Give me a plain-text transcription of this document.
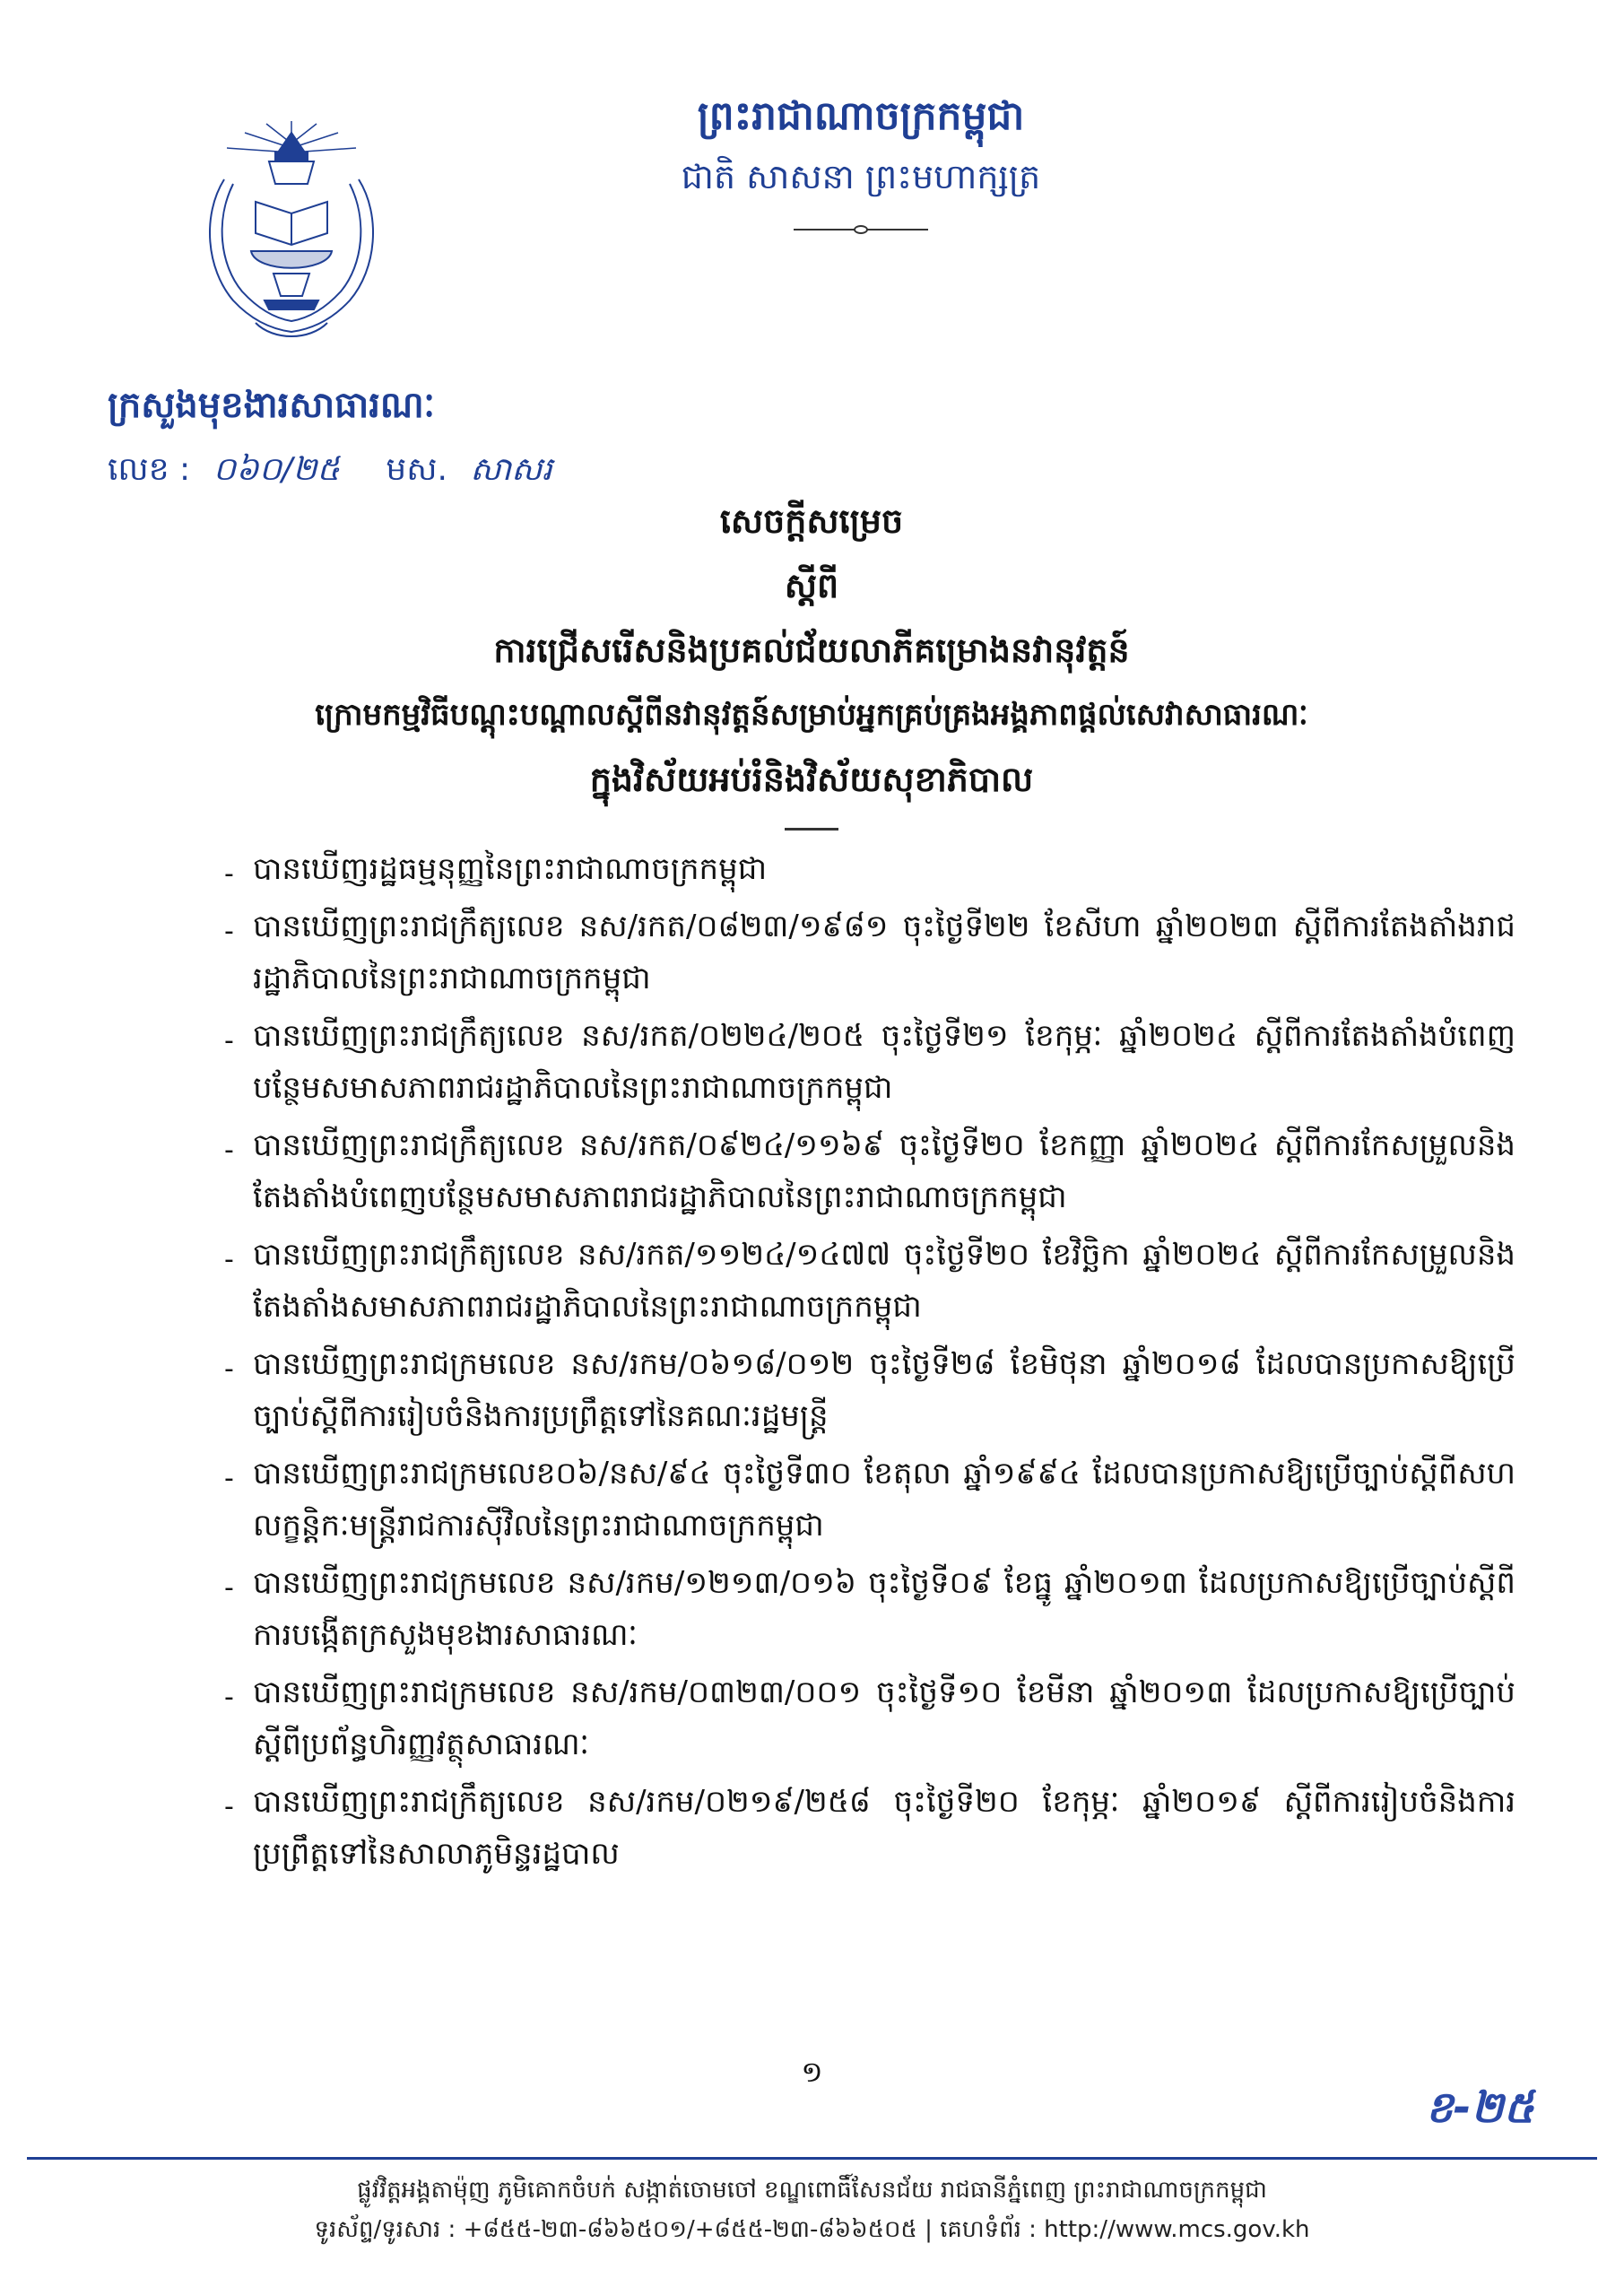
ព្រះរាជាណាចក្រកម្ពុជា
ជាតិ សាសនា ព្រះមហាក្សត្រ
ក្រសួងមុខងារសាធារណៈ
លេខ : ០៦០/២៥ មស. សាសរ
សេចក្តីសម្រេច
ស្តីពី
ការជ្រើសរើសនិងប្រគល់ជ័យលាភីគម្រោងនវានុវត្តន៍
ក្រោមកម្មវិធីបណ្តុះបណ្តាលស្តីពីនវានុវត្តន៍សម្រាប់អ្នកគ្រប់គ្រងអង្គភាពផ្តល់សេវាសាធារណៈ
ក្នុងវិស័យអប់រំនិងវិស័យសុខាភិបាល
- បានឃើញរដ្ឋធម្មនុញ្ញនៃព្រះរាជាណាចក្រកម្ពុជា
- បានឃើញព្រះរាជក្រឹត្យលេខ នស/រកត/០៨២៣/១៩៨១ ចុះថ្ងៃទី២២ ខែសីហា ឆ្នាំ២០២៣ ស្តីពីការតែងតាំងរាជរដ្ឋាភិបាលនៃព្រះរាជាណាចក្រកម្ពុជា
- បានឃើញព្រះរាជក្រឹត្យលេខ នស/រកត/០២២៤/២០៥ ចុះថ្ងៃទី២១ ខែកុម្ភៈ ឆ្នាំ២០២៤ ស្តីពីការតែងតាំងបំពេញបន្ថែមសមាសភាពរាជរដ្ឋាភិបាលនៃព្រះរាជាណាចក្រកម្ពុជា
- បានឃើញព្រះរាជក្រឹត្យលេខ នស/រកត/០៩២៤/១១៦៩ ចុះថ្ងៃទី២០ ខែកញ្ញា ឆ្នាំ២០២៤ ស្តីពីការកែសម្រួលនិងតែងតាំងបំពេញបន្ថែមសមាសភាពរាជរដ្ឋាភិបាលនៃព្រះរាជាណាចក្រកម្ពុជា
- បានឃើញព្រះរាជក្រឹត្យលេខ នស/រកត/១១២៤/១៤៧៧ ចុះថ្ងៃទី២០ ខែវិច្ឆិកា ឆ្នាំ២០២៤ ស្តីពីការកែសម្រួលនិងតែងតាំងសមាសភាពរាជរដ្ឋាភិបាលនៃព្រះរាជាណាចក្រកម្ពុជា
- បានឃើញព្រះរាជក្រមលេខ នស/រកម/០៦១៨/០១២ ចុះថ្ងៃទី២៨ ខែមិថុនា ឆ្នាំ២០១៨ ដែលបានប្រកាសឱ្យប្រើច្បាប់ស្តីពីការរៀបចំនិងការប្រព្រឹត្តទៅនៃគណៈរដ្ឋមន្ត្រី
- បានឃើញព្រះរាជក្រមលេខ០៦/នស/៩៤ ចុះថ្ងៃទី៣០ ខែតុលា ឆ្នាំ១៩៩៤ ដែលបានប្រកាសឱ្យប្រើច្បាប់ស្តីពីសហលក្ខន្តិកៈមន្ត្រីរាជការស៊ីវិលនៃព្រះរាជាណាចក្រកម្ពុជា
- បានឃើញព្រះរាជក្រមលេខ នស/រកម/១២១៣/០១៦ ចុះថ្ងៃទី០៩ ខែធ្នូ ឆ្នាំ២០១៣ ដែលប្រកាសឱ្យប្រើច្បាប់ស្តីពីការបង្កើតក្រសួងមុខងារសាធារណៈ
- បានឃើញព្រះរាជក្រមលេខ នស/រកម/០៣២៣/០០១ ចុះថ្ងៃទី១០ ខែមីនា ឆ្នាំ២០១៣ ដែលប្រកាសឱ្យប្រើច្បាប់ស្តីពីប្រព័ន្ធហិរញ្ញវត្ថុសាធារណៈ
- បានឃើញព្រះរាជក្រឹត្យលេខ នស/រកម/០២១៩/២៥៨ ចុះថ្ងៃទី២០ ខែកុម្ភៈ ឆ្នាំ២០១៩ ស្តីពីការរៀបចំនិងការប្រព្រឹត្តទៅនៃសាលាភូមិន្ទរដ្ឋបាល
១
ខ-២៥
ផ្លូវវិត្តអង្គតាម៉ុញ ភូមិគោកចំបក់ សង្កាត់ចោមចៅ ខណ្ឌពោធិ៍សែនជ័យ រាជធានីភ្នំពេញ ព្រះរាជាណាចក្រកម្ពុជា
ទូរស័ព្ទ/ទូរសារ : +៨៥៥-២៣-៨៦៦៥០១/+៨៥៥-២៣-៨៦៦៥០៥ | គេហទំព័រ : http://www.mcs.gov.kh
